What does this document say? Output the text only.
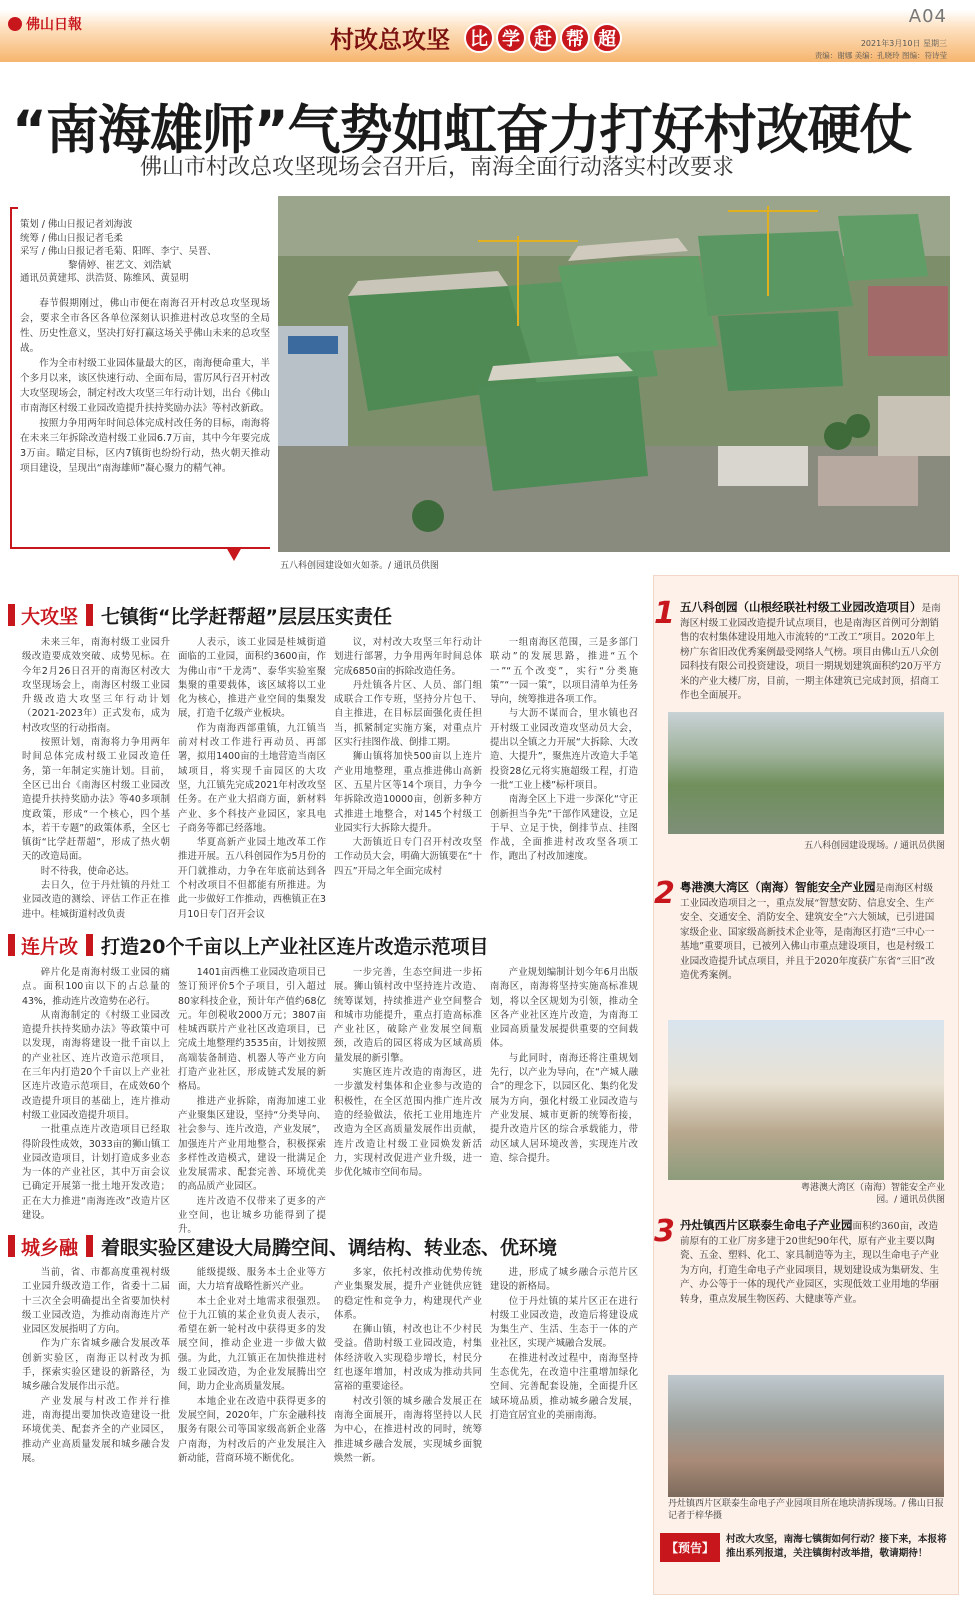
佛山日報	村改总攻坚	比 学 赶 帮 超
A04
2021年3月10日 星期三
责编：谢娜 美编：孔晓玲 图编：符诗莹
“南海雄师”气势如虹奋力打好村改硬仗
佛山市村改总攻坚现场会召开后，南海全面行动落实村改要求
策划 / 佛山日报记者刘海波
统筹 / 佛山日报记者毛柔
采写 / 佛山日报记者毛菊、阳晖、李宁、吴晋、
黎倩婷、崔艺文、刘浩斌
通讯员黄建邦、洪浩贤、陈维风、黄显明

春节假期刚过，佛山市便在南海召开村改总攻坚现场会，要求全市各区各单位深刻认识推进村改总攻坚的全局性、历史性意义，坚决打好打赢这场关乎佛山未来的总攻坚战。

作为全市村级工业园体量最大的区，南海便命重大，半个多月以来，该区快速行动、全面布局，雷厉风行召开村改大攻坚现场会，制定村改大攻坚三年行动计划，出台《佛山市南海区村级工业园改造提升扶持奖励办法》等村改新政。

按照力争用两年时间总体完成村改任务的目标，南海将在未来三年拆除改造村级工业园6.7万亩，其中今年要完成3万亩。瞄定目标，区内7镇街也纷纷行动，热火朝天推动项目建设，呈现出“南海雄师”凝心聚力的精气神。

五八科创园建设如火如荼。/ 通讯员供图
大攻坚 七镇街“比学赶帮超”层层压实责任

未来三年，南海村级工业园升级改造要成效突破、成势见标。在今年2月26日召开的南海区村改大攻坚现场会上，南海区村级工业园升级改造大攻坚三年行动计划（2021-2023年）正式发布，成为村改攻坚的行动指南。

按照计划，南海将力争用两年时间总体完成村级工业园改造任务，第一年制定实施计划。目前，全区已出台《南海区村级工业园改造提升扶持奖励办法》等40多项制度政策，形成“一个核心，四个基本，若干专题”的政策体系，全区七镇街“比学赶帮超”，形成了热火朝天的改造局面。

时不待我，使命必达。

去日久，位于丹灶镇的丹灶工业园改造的测绘、评估工作正在推进中。桂城街道村改负责

人表示，该工业园是桂城街道面临的工业园，面积约3600亩，作为佛山市“干龙湾”、泰华实验室聚集聚的重要载体，该区域将以工业化为核心，推进产业空间的集聚发展，打造千亿级产业板块。

作为南海西部重镇，九江镇当前对村改工作进行再动员、再部署，拟用1400亩的土地营造当南区域项目，将实现千亩园区的大攻坚，九江镇先完成2021年村改攻坚任务。在产业大招商方面，新材料产业、多个科技产业园区，家具电子商务等都已经落地。

华夏高新产业园土地改革工作推进开展。五八科创园作为5月份的开门就推动，力争在年底前达到各个村改项目不但都能有所推进。为此一步做好工作推动，西樵镇正在3月10日专门召开会议

议，对村改大攻坚三年行动计划进行部署，力争用两年时间总体完成6850亩的拆除改造任务。

丹灶镇各片区、人员、部门组成联合工作专班，坚持分片包干、自主推进，在目标层面强化责任担当，抓紧制定实施方案，对重点片区实行挂图作战、倒排工期。

狮山镇将加快500亩以上连片产业用地整理，重点推进佛山高新区、五星片区等14个项目，力争今年拆除改造10000亩，创新多种方式推进土地整合，对145个村级工业园实行大拆除大提升。

大沥镇近日专门召开村改攻坚工作动员大会，明确大沥镇要在“十四五”开局之年全面完成村

一组南海区范围，三是多部门联动”的发展思路，推进“五个一”“五个改变”，实行“分类施策”“一园一策”，以项目清单为任务导向，统筹推进各项工作。

与大沥不谋而合，里水镇也召开村级工业园改造攻坚动员大会，提出以全镇之力开展“大拆除、大改造、大提升”，聚焦连片改造大手笔投资28亿元将实施超级工程，打造一批“工业上楼”标杆项目。

南海全区上下进一步深化“守正创新担当争先”干部作风建设，立足于早、立足于快，倒排节点、挂图作战，全面推进村改攻坚各项工作，跑出了村改加速度。

连片改 打造20个千亩以上产业社区连片改造示范项目

碎片化是南海村级工业园的痛点。面积100亩以下的占总量的43%，推动连片改造势在必行。

从南海制定的《村级工业园改造提升扶持奖励办法》等政策中可以发现，南海将建设一批千亩以上的产业社区、连片改造示范项目，在三年内打造20个千亩以上产业社区连片改造示范项目，在成效60个改造提升项目的基础上，连片推动村级工业园改造提升项目。

一批重点连片改造项目已经取得阶段性成效，3033亩的狮山镇工业园改造项目，计划打造成多业态为一体的产业社区，其中万亩会议已确定开展第一批土地开发改造；正在大力推进“南海连改”改造片区建设。

1401亩西樵工业园改造项目已签订预评价5个子项目，引入超过80家科技企业，预计年产值约68亿元。年创税收2000万元；3807亩桂城西联片产业社区改造项目，已完成土地整理约3535亩，计划按照高端装备制造、机器人等产业方向打造产业社区，形成链式发展的新格局。

推进产业拆除，南海加速工业产业聚集区建设，坚持“分类导向、社会参与、连片改造，产业发展”，加强连片产业用地整合，积极探索多样性改造模式，建设一批满足企业发展需求、配套完善、环境优美的高品质产业园区。

连片改造不仅带来了更多的产业空间，也让城乡功能得到了提升。

一步完善，生态空间进一步拓展。狮山镇村改中坚持连片改造、统筹谋划，持续推进产业空间整合和城市功能提升，重点打造高标准产业社区，破除产业发展空间瓶颈，改造后的园区将成为区域高质量发展的新引擎。

实施区连片改造的南海区，进一步激发村集体和企业参与改造的积极性，在全区范围内推广连片改造的经验做法，依托工业用地连片改造为全区高质量发展作出贡献，连片改造让村级工业园焕发新活力，实现村改促进产业升级，进一步优化城市空间布局。

产业规划编制计划今年6月出版南海区，南海将坚持实施高标准规划，将以全区规划为引领，推动全区各产业社区连片改造，为南海工业园高质量发展提供重要的空间载体。

与此同时，南海还将注重规划先行，以产业为导向，在“产城人融合”的理念下，以园区化、集约化发展为方向，强化村级工业园改造与产业发展、城市更新的统筹衔接，提升改造片区的综合承载能力，带动区域人居环境改善，实现连片改造、综合提升。

城乡融 着眼实验区建设大局腾空间、调结构、转业态、优环境

当前，省、市都高度重视村级工业园升级改造工作，省委十二届十三次全会明确提出全省要加快村级工业园改造，为推动南海连片产业园区发展指明了方向。

作为广东省城乡融合发展改革创新实验区，南海正以村改为抓手，探索实验区建设的新路径，为城乡融合发展作出示范。

产业发展与村改工作并行推进，南海提出要加快改造建设一批环境优美、配套齐全的产业园区，推动产业高质量发展和城乡融合发展。

能级提级、服务本土企业等方面，大力培育战略性新兴产业。

本土企业对土地需求很强烈。位于九江镇的某企业负责人表示，希望在新一轮村改中获得更多的发展空间，推动企业进一步做大做强。为此，九江镇正在加快推进村级工业园改造，为企业发展腾出空间，助力企业高质量发展。

本地企业在改造中获得更多的发展空间，2020年，广东金融科技服务有限公司等国家级高新企业落户南海，为村改后的产业发展注入新动能，营商环境不断优化。

多家，依托村改推动优势传统产业集聚发展，提升产业链供应链的稳定性和竞争力，构建现代产业体系。

在狮山镇，村改也让不少村民受益。借助村级工业园改造，村集体经济收入实现稳步增长，村民分红也逐年增加，村改成为推动共同富裕的重要途径。

村改引领的城乡融合发展正在南海全面展开，南海将坚持以人民为中心，在推进村改的同时，统筹推进城乡融合发展，实现城乡面貌焕然一新。

进，形成了城乡融合示范片区建设的新格局。

位于丹灶镇的某片区正在进行村级工业园改造，改造后将建设成为集生产、生活、生态于一体的产业社区，实现产城融合发展。

在推进村改过程中，南海坚持生态优先，在改造中注重增加绿化空间、完善配套设施，全面提升区域环境品质，推动城乡融合发展，打造宜居宜业的美丽南海。

1 五八科创园（山根经联社村级工业园改造项目）是南海区村级工业园改造提升试点项目，也是南海区首例可分割销售的农村集体建设用地入市流转的“工改工”项目。2020年上榜广东省旧改优秀案例最受网络人气榜。项目由佛山五八众创园科技有限公司投资建设，项目一期规划建筑面积约20万平方米的产业大楼厂房，目前，一期主体建筑已完成封顶，招商工作也全面展开。
五八科创园建设现场。/ 通讯员供图
2 粤港澳大湾区（南海）智能安全产业园是南海区村级工业园改造项目之一，重点发展“智慧安防、信息安全、生产安全、交通安全、消防安全、建筑安全”六大领域，已引进国家级企业、国家级高新技术企业等，是南海区打造“三中心一基地”重要项目，已被列入佛山市重点建设项目，也是村级工业园改造提升试点项目，并且于2020年度获广东省“三旧”改造优秀案例。
粤港澳大湾区（南海）智能安全产业园。/ 通讯员供图
3 丹灶镇西片区联泰生命电子产业园面积约360亩，改造前原有的工业厂房多建于20世纪90年代，原有产业主要以陶瓷、五金、塑料、化工、家具制造等为主，现以生命电子产业为方向，打造生命电子产业园项目，规划建设成为集研发、生产、办公等于一体的现代产业园区，实现低效工业用地的华丽转身，重点发展生物医药、大健康等产业。
丹灶镇西片区联泰生命电子产业园项目所在地块清拆现场。/ 佛山日报记者于梓华摄
【预告】
村改大攻坚，南海七镇街如何行动？接下来，本报将推出系列报道，关注镇街村改举措，敬请期待！
